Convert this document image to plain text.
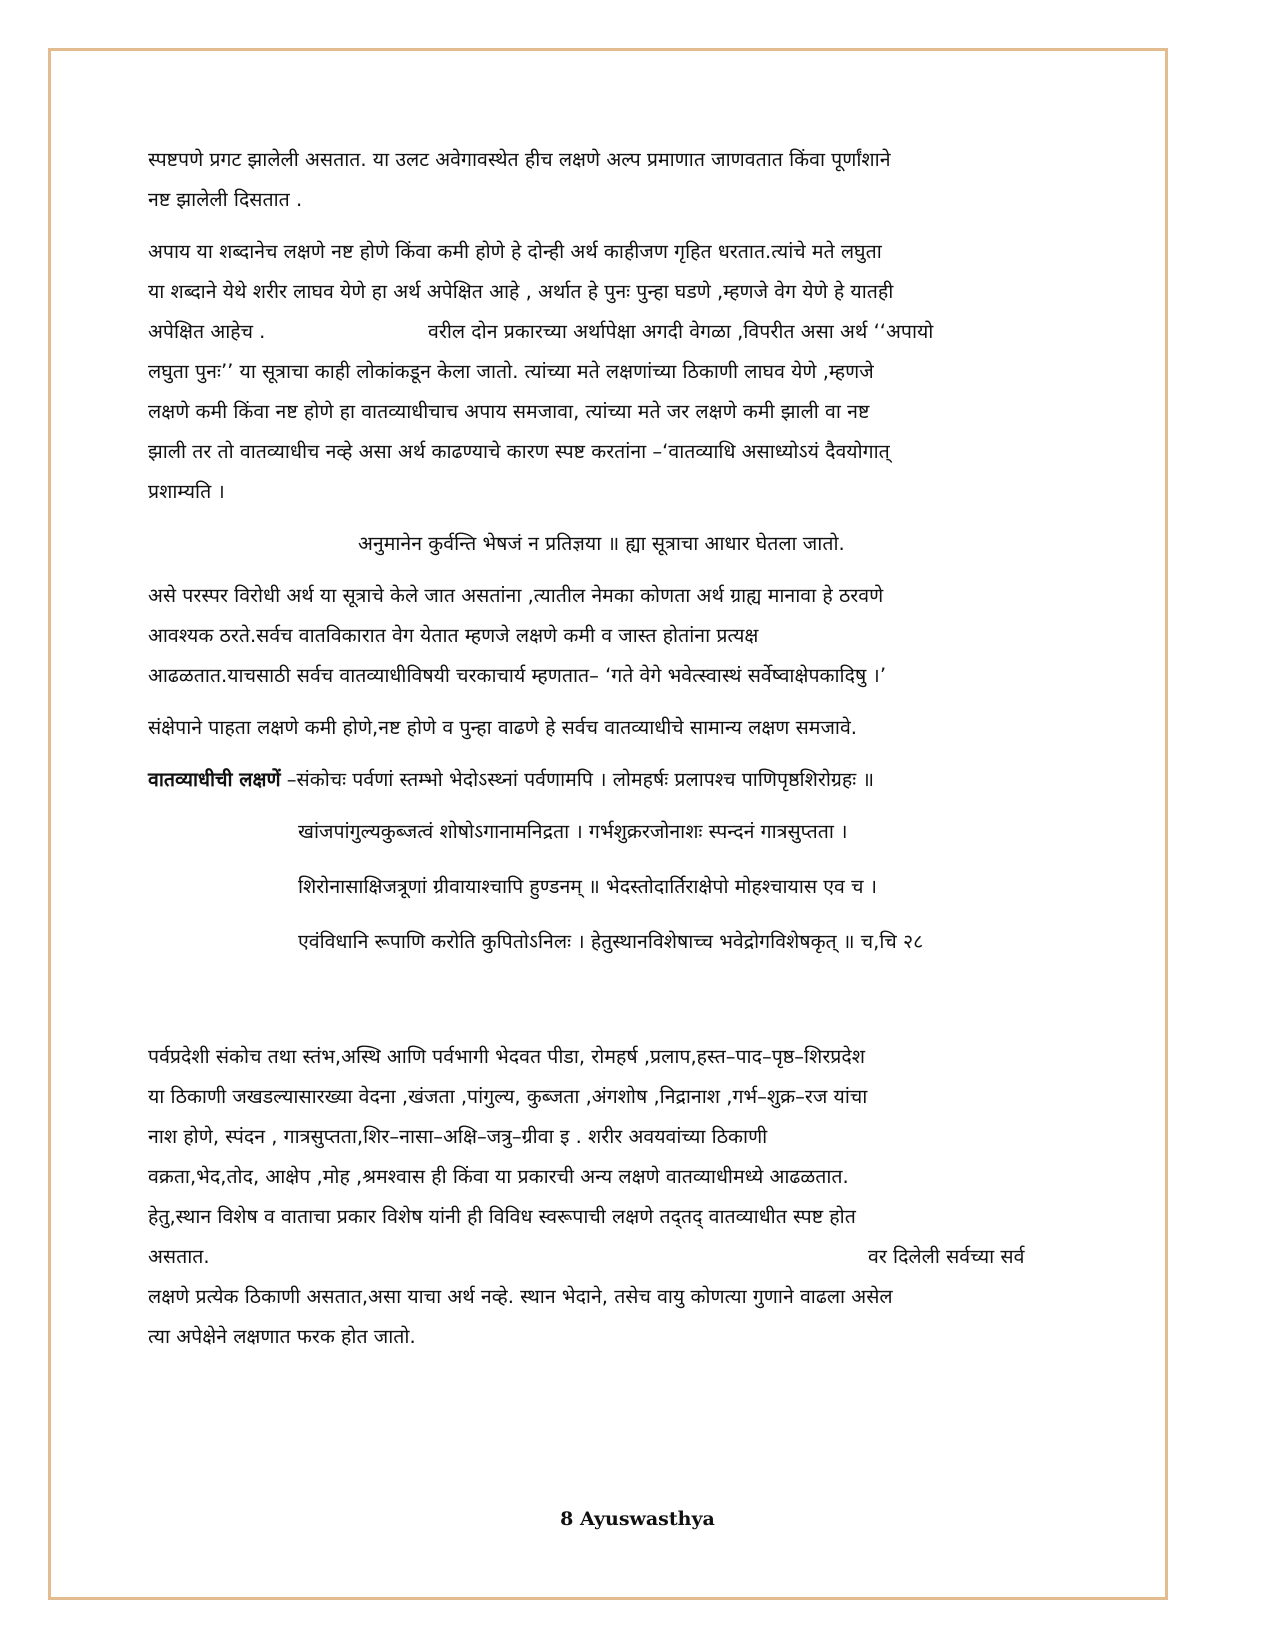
स्पष्टपणे प्रगट झालेली असतात. या उलट अवेगावस्थेत हीच लक्षणे अल्प प्रमाणात जाणवतात किंवा पूर्णांशाने
नष्ट झालेली दिसतात .
अपाय या शब्दानेच लक्षणे नष्ट होणे किंवा कमी होणे हे दोन्ही अर्थ काहीजण गृहित धरतात.त्यांचे मते लघुता
या शब्दाने येथे शरीर लाघव येणे हा अर्थ अपेक्षित आहे , अर्थात हे पुनः पुन्हा घडणे ,म्हणजे वेग येणे हे यातही
अपेक्षित आहेच .	वरील दोन प्रकारच्या अर्थापेक्षा अगदी वेगळा ,विपरीत असा अर्थ ‘‘अपायो
लघुता पुनः’’ या सूत्राचा काही लोकांकडून केला जातो. त्यांच्या मते लक्षणांच्या ठिकाणी लाघव येणे ,म्हणजे
लक्षणे कमी किंवा नष्ट होणे हा वातव्याधीचाच अपाय समजावा, त्यांच्या मते जर लक्षणे कमी झाली वा नष्ट
झाली तर तो वातव्याधीच नव्हे असा अर्थ काढण्याचे कारण स्पष्ट करतांना –‘वातव्याधि असाध्योऽयं दैवयोगात्
प्रशाम्यति ।
अनुमानेन कुर्वन्ति भेषजं न प्रतिज्ञया ॥ ह्या सूत्राचा आधार घेतला जातो.
असे परस्पर विरोधी अर्थ या सूत्राचे केले जात असतांना ,त्यातील नेमका कोणता अर्थ ग्राह्य मानावा हे ठरवणे
आवश्यक ठरते.सर्वच वातविकारात वेग येतात म्हणजे लक्षणे कमी व जास्त होतांना प्रत्यक्ष
आढळतात.याचसाठी सर्वच वातव्याधीविषयी चरकाचार्य म्हणतात– ‘गते वेगे भवेत्स्वास्थं सर्वेष्वाक्षेपकादिषु ।’
संक्षेपाने पाहता लक्षणे कमी होणे,नष्ट होणे व पुन्हा वाढणे हे सर्वच वातव्याधीचे सामान्य लक्षण समजावे.
वातव्याधीची लक्षणें –संकोचः पर्वणां स्तम्भो भेदोऽस्थ्नां पर्वणामपि । लोमहर्षः प्रलापश्च पाणिपृष्ठशिरोग्रहः ॥
खांजपांगुल्यकुब्जत्वं शोषोऽगानामनिद्रता । गर्भशुक्ररजोनाशः स्पन्दनं गात्रसुप्तता ।
शिरोनासाक्षिजत्रूणां ग्रीवायाश्चापि हुण्डनम् ॥ भेदस्तोदार्तिराक्षेपो मोहश्चायास एव च ।
एवंविधानि रूपाणि करोति कुपितोऽनिलः । हेतुस्थानविशेषाच्च भवेद्रोगविशेषकृत् ॥ च,चि २८
पर्वप्रदेशी संकोच तथा स्तंभ,अस्थि आणि पर्वभागी भेदवत पीडा, रोमहर्ष ,प्रलाप,हस्त–पाद–पृष्ठ–शिरप्रदेश
या ठिकाणी जखडल्यासारख्या वेदना ,खंजता ,पांगुल्य, कुब्जता ,अंगशोष ,निद्रानाश ,गर्भ–शुक्र–रज यांचा
नाश होणे, स्पंदन , गात्रसुप्तता,शिर–नासा–अक्षि–जत्रु–ग्रीवा इ . शरीर अवयवांच्या ठिकाणी
वक्रता,भेद,तोद, आक्षेप ,मोह ,श्रमश्वास ही किंवा या प्रकारची अन्य लक्षणे वातव्याधीमध्ये आढळतात.
हेतु,स्थान विशेष व वाताचा प्रकार विशेष यांनी ही विविध स्वरूपाची लक्षणे तद्तद् वातव्याधीत स्पष्ट होत
असतात.	वर दिलेली सर्वच्या सर्व
लक्षणे प्रत्येक ठिकाणी असतात,असा याचा अर्थ नव्हे. स्थान भेदाने, तसेच वायु कोणत्या गुणाने वाढला असेल
त्या अपेक्षेने लक्षणात फरक होत जातो.
8 Ayuswasthya
